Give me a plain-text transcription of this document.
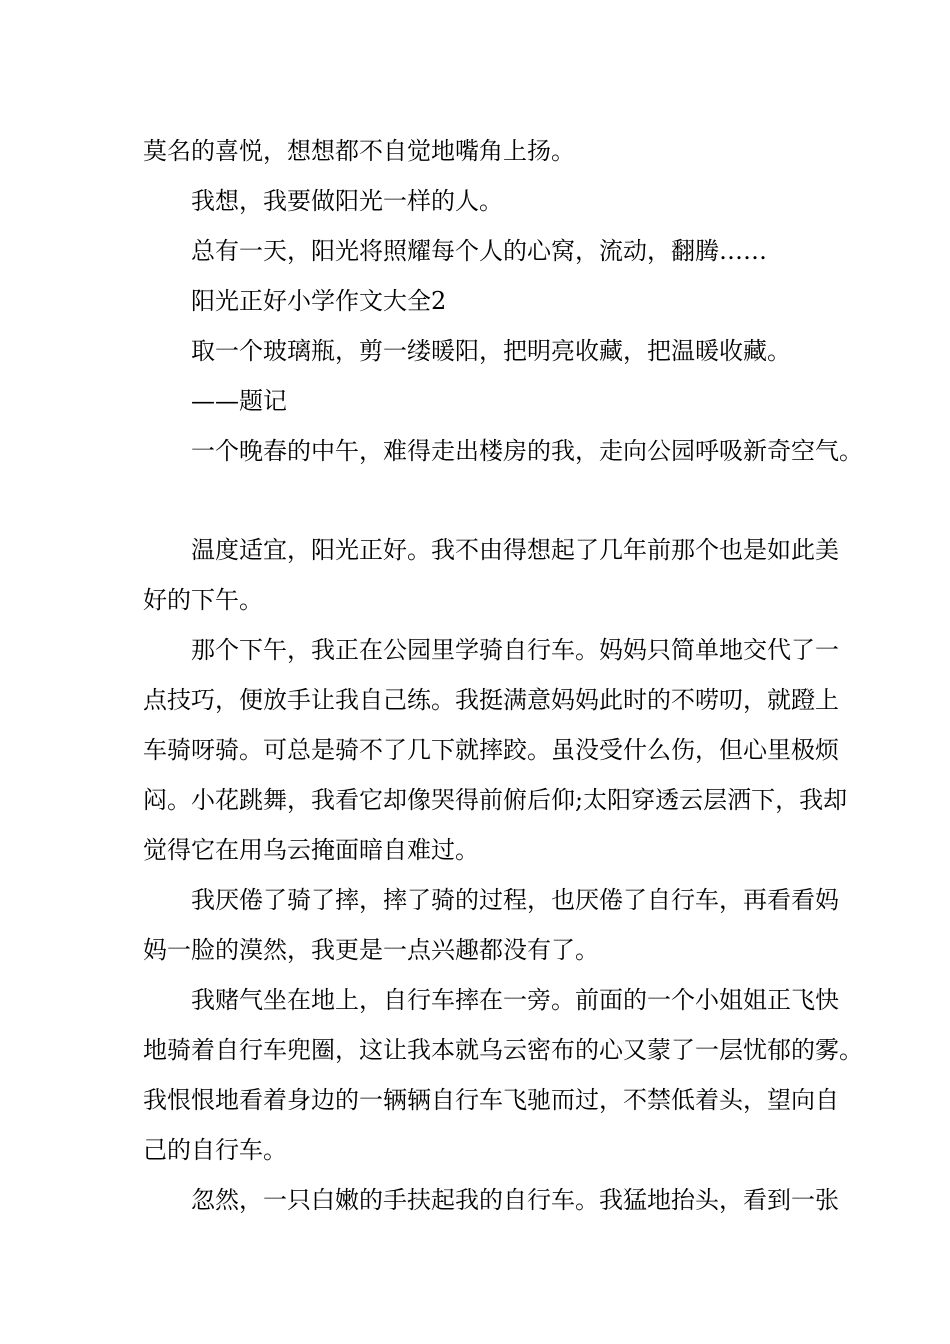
莫名的喜悦，想想都不自觉地嘴角上扬。
我想，我要做阳光一样的人。
总有一天，阳光将照耀每个人的心窝，流动，翻腾……
阳光正好小学作文大全2
取一个玻璃瓶，剪一缕暖阳，把明亮收藏，把温暖收藏。
——题记
一个晚春的中午，难得走出楼房的我，走向公园呼吸新奇空气。
温度适宜，阳光正好。我不由得想起了几年前那个也是如此美
好的下午。
那个下午，我正在公园里学骑自行车。妈妈只简单地交代了一
点技巧，便放手让我自己练。我挺满意妈妈此时的不唠叨，就蹬上
车骑呀骑。可总是骑不了几下就摔跤。虽没受什么伤，但心里极烦
闷。小花跳舞，我看它却像哭得前俯后仰;太阳穿透云层洒下，我却
觉得它在用乌云掩面暗自难过。
我厌倦了骑了摔，摔了骑的过程，也厌倦了自行车，再看看妈
妈一脸的漠然，我更是一点兴趣都没有了。
我赌气坐在地上，自行车摔在一旁。前面的一个小姐姐正飞快
地骑着自行车兜圈，这让我本就乌云密布的心又蒙了一层忧郁的雾。
我恨恨地看着身边的一辆辆自行车飞驰而过，不禁低着头，望向自
己的自行车。
忽然，一只白嫩的手扶起我的自行车。我猛地抬头，看到一张
